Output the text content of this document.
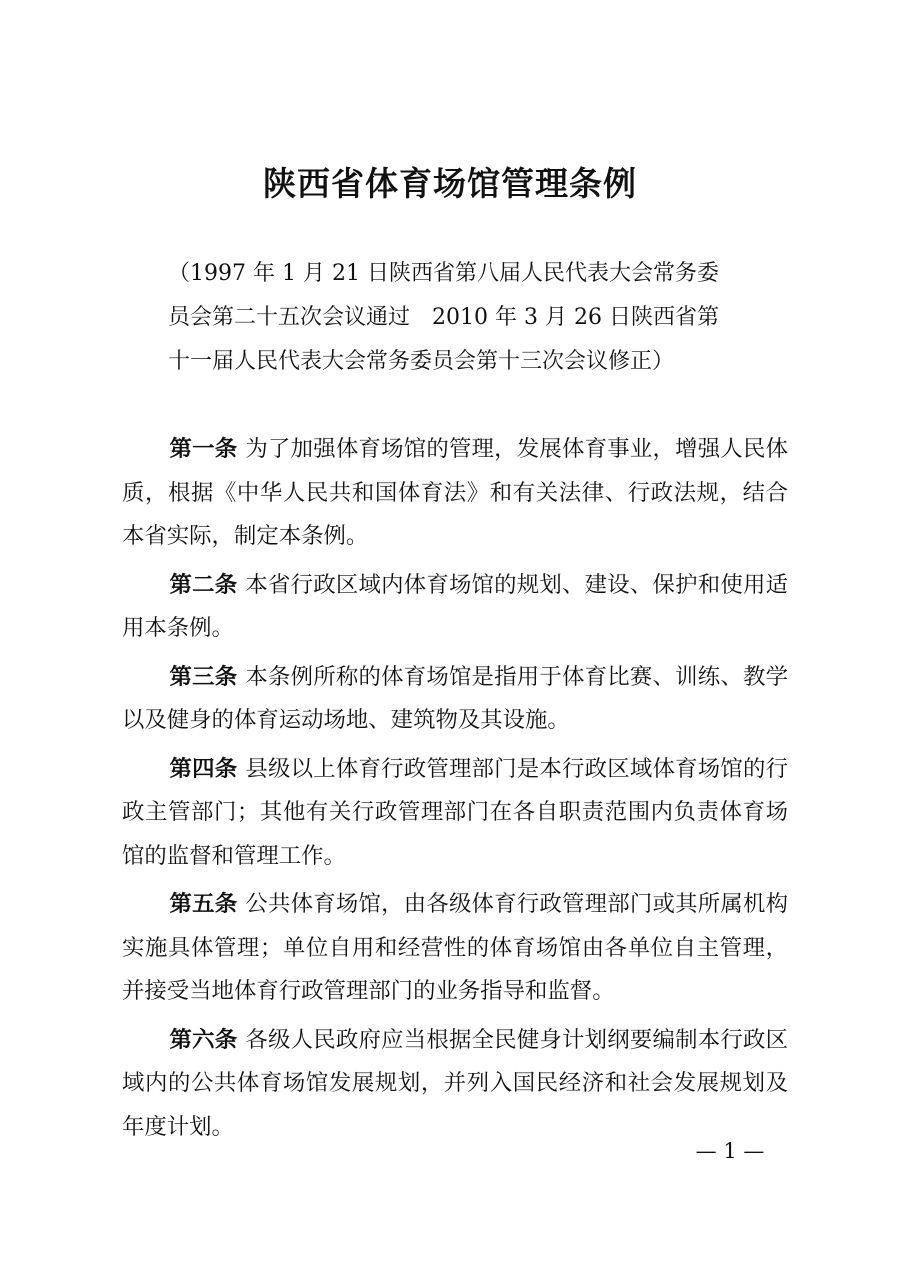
陕西省体育场馆管理条例
（1997 年 1 月 21 日陕西省第八届人民代表大会常务委
员会第二十五次会议通过　2010 年 3 月 26 日陕西省第
十一届人民代表大会常务委员会第十三次会议修正）

第一条 为了加强体育场馆的管理，发展体育事业，增强人民体质，根据《中华人民共和国体育法》和有关法律、行政法规，结合本省实际，制定本条例。

第二条 本省行政区域内体育场馆的规划、建设、保护和使用适用本条例。

第三条 本条例所称的体育场馆是指用于体育比赛、训练、教学以及健身的体育运动场地、建筑物及其设施。

第四条 县级以上体育行政管理部门是本行政区域体育场馆的行政主管部门；其他有关行政管理部门在各自职责范围内负责体育场馆的监督和管理工作。

第五条 公共体育场馆，由各级体育行政管理部门或其所属机构实施具体管理；单位自用和经营性的体育场馆由各单位自主管理，并接受当地体育行政管理部门的业务指导和监督。

第六条 各级人民政府应当根据全民健身计划纲要编制本行政区域内的公共体育场馆发展规划，并列入国民经济和社会发展规划及年度计划。

— 1 —
